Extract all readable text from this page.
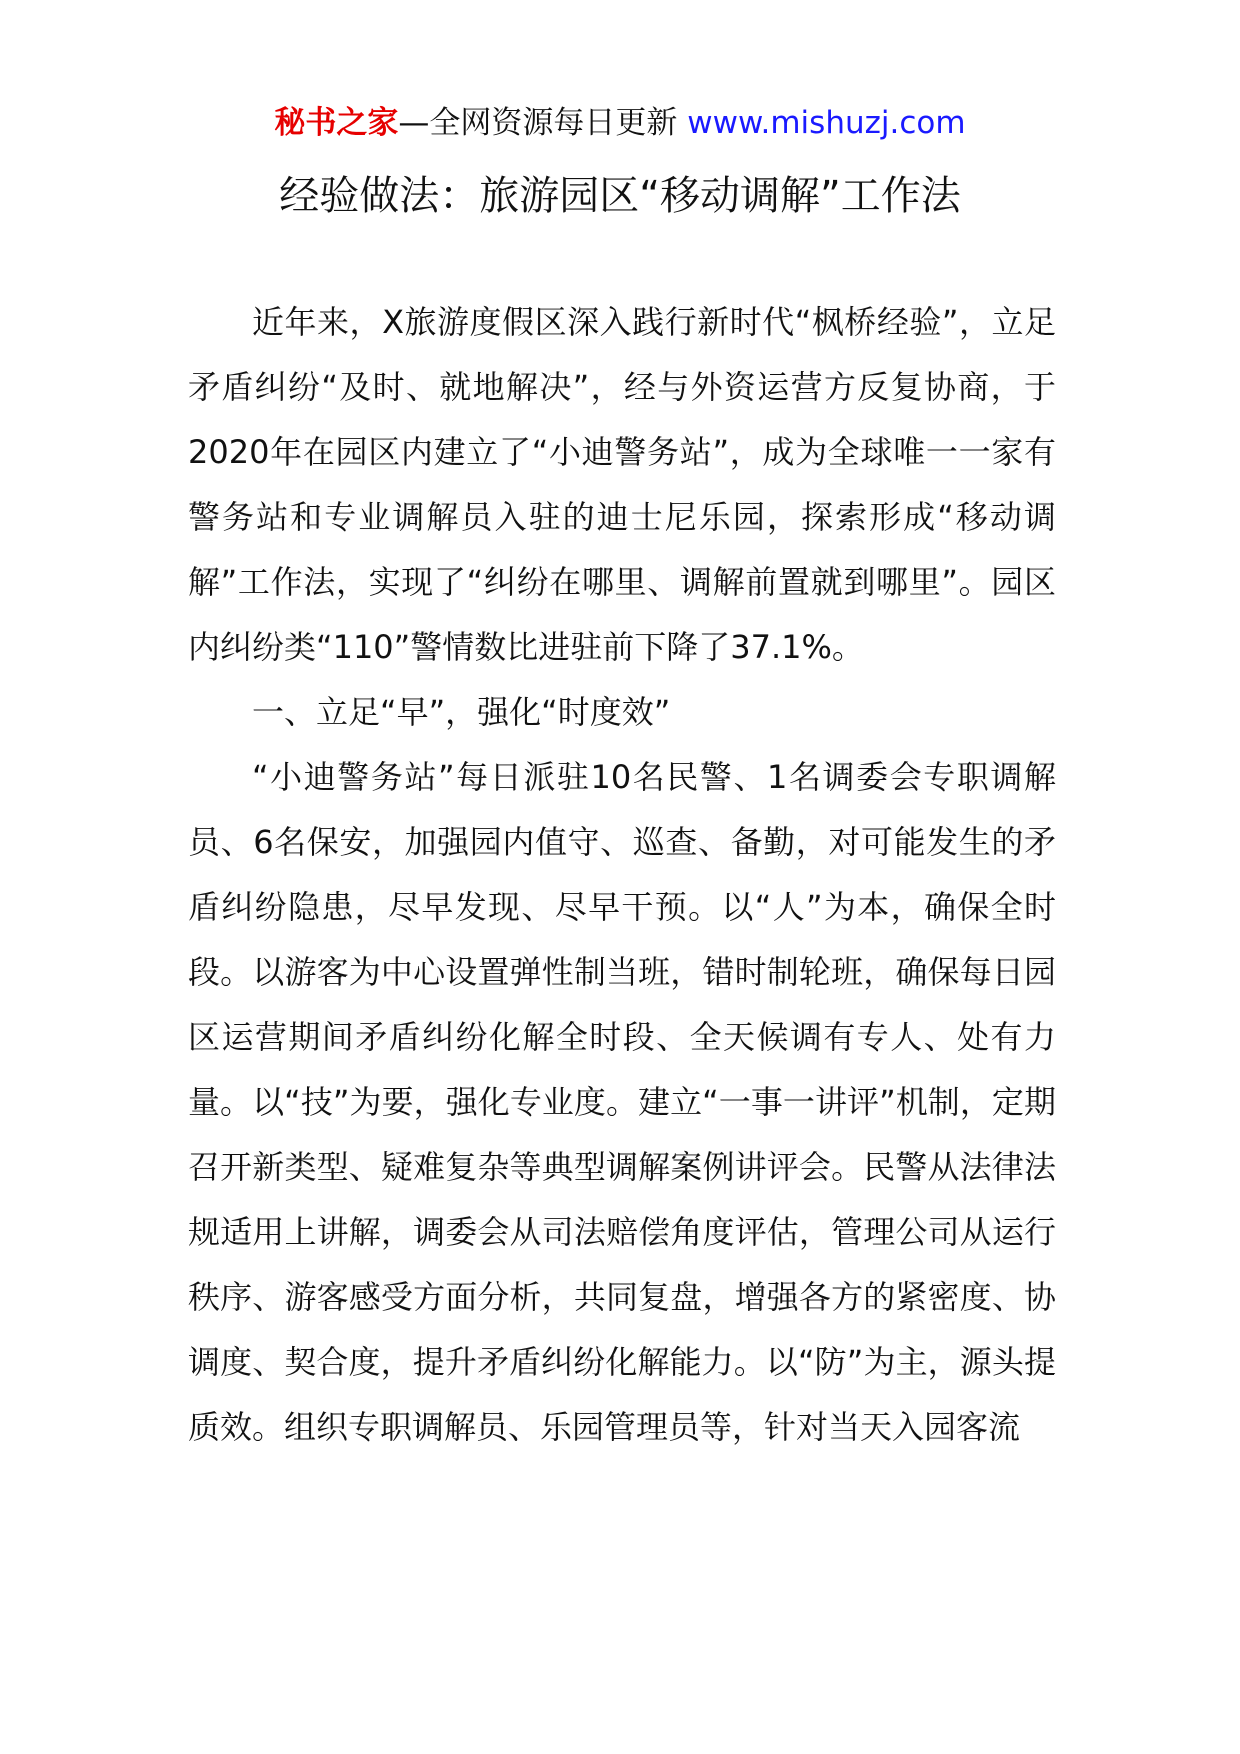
秘书之家—全网资源每日更新 www.mishuzj.com
经验做法：旅游园区“移动调解”工作法

近年来，X旅游度假区深入践行新时代“枫桥经验”，立足矛盾纠纷“及时、就地解决”，经与外资运营方反复协商，于2020年在园区内建立了“小迪警务站”，成为全球唯一一家有警务站和专业调解员入驻的迪士尼乐园，探索形成“移动调解”工作法，实现了“纠纷在哪里、调解前置就到哪里”。园区内纠纷类“110”警情数比进驻前下降了37.1%。

一、立足“早”，强化“时度效”

“小迪警务站”每日派驻10名民警、1名调委会专职调解员、6名保安，加强园内值守、巡查、备勤，对可能发生的矛盾纠纷隐患，尽早发现、尽早干预。以“人”为本，确保全时段。以游客为中心设置弹性制当班，错时制轮班，确保每日园区运营期间矛盾纠纷化解全时段、全天候调有专人、处有力量。以“技”为要，强化专业度。建立“一事一讲评”机制，定期召开新类型、疑难复杂等典型调解案例讲评会。民警从法律法规适用上讲解，调委会从司法赔偿角度评估，管理公司从运行秩序、游客感受方面分析，共同复盘，增强各方的紧密度、协调度、契合度，提升矛盾纠纷化解能力。以“防”为主，源头提质效。组织专职调解员、乐园管理员等，针对当天入园客流
